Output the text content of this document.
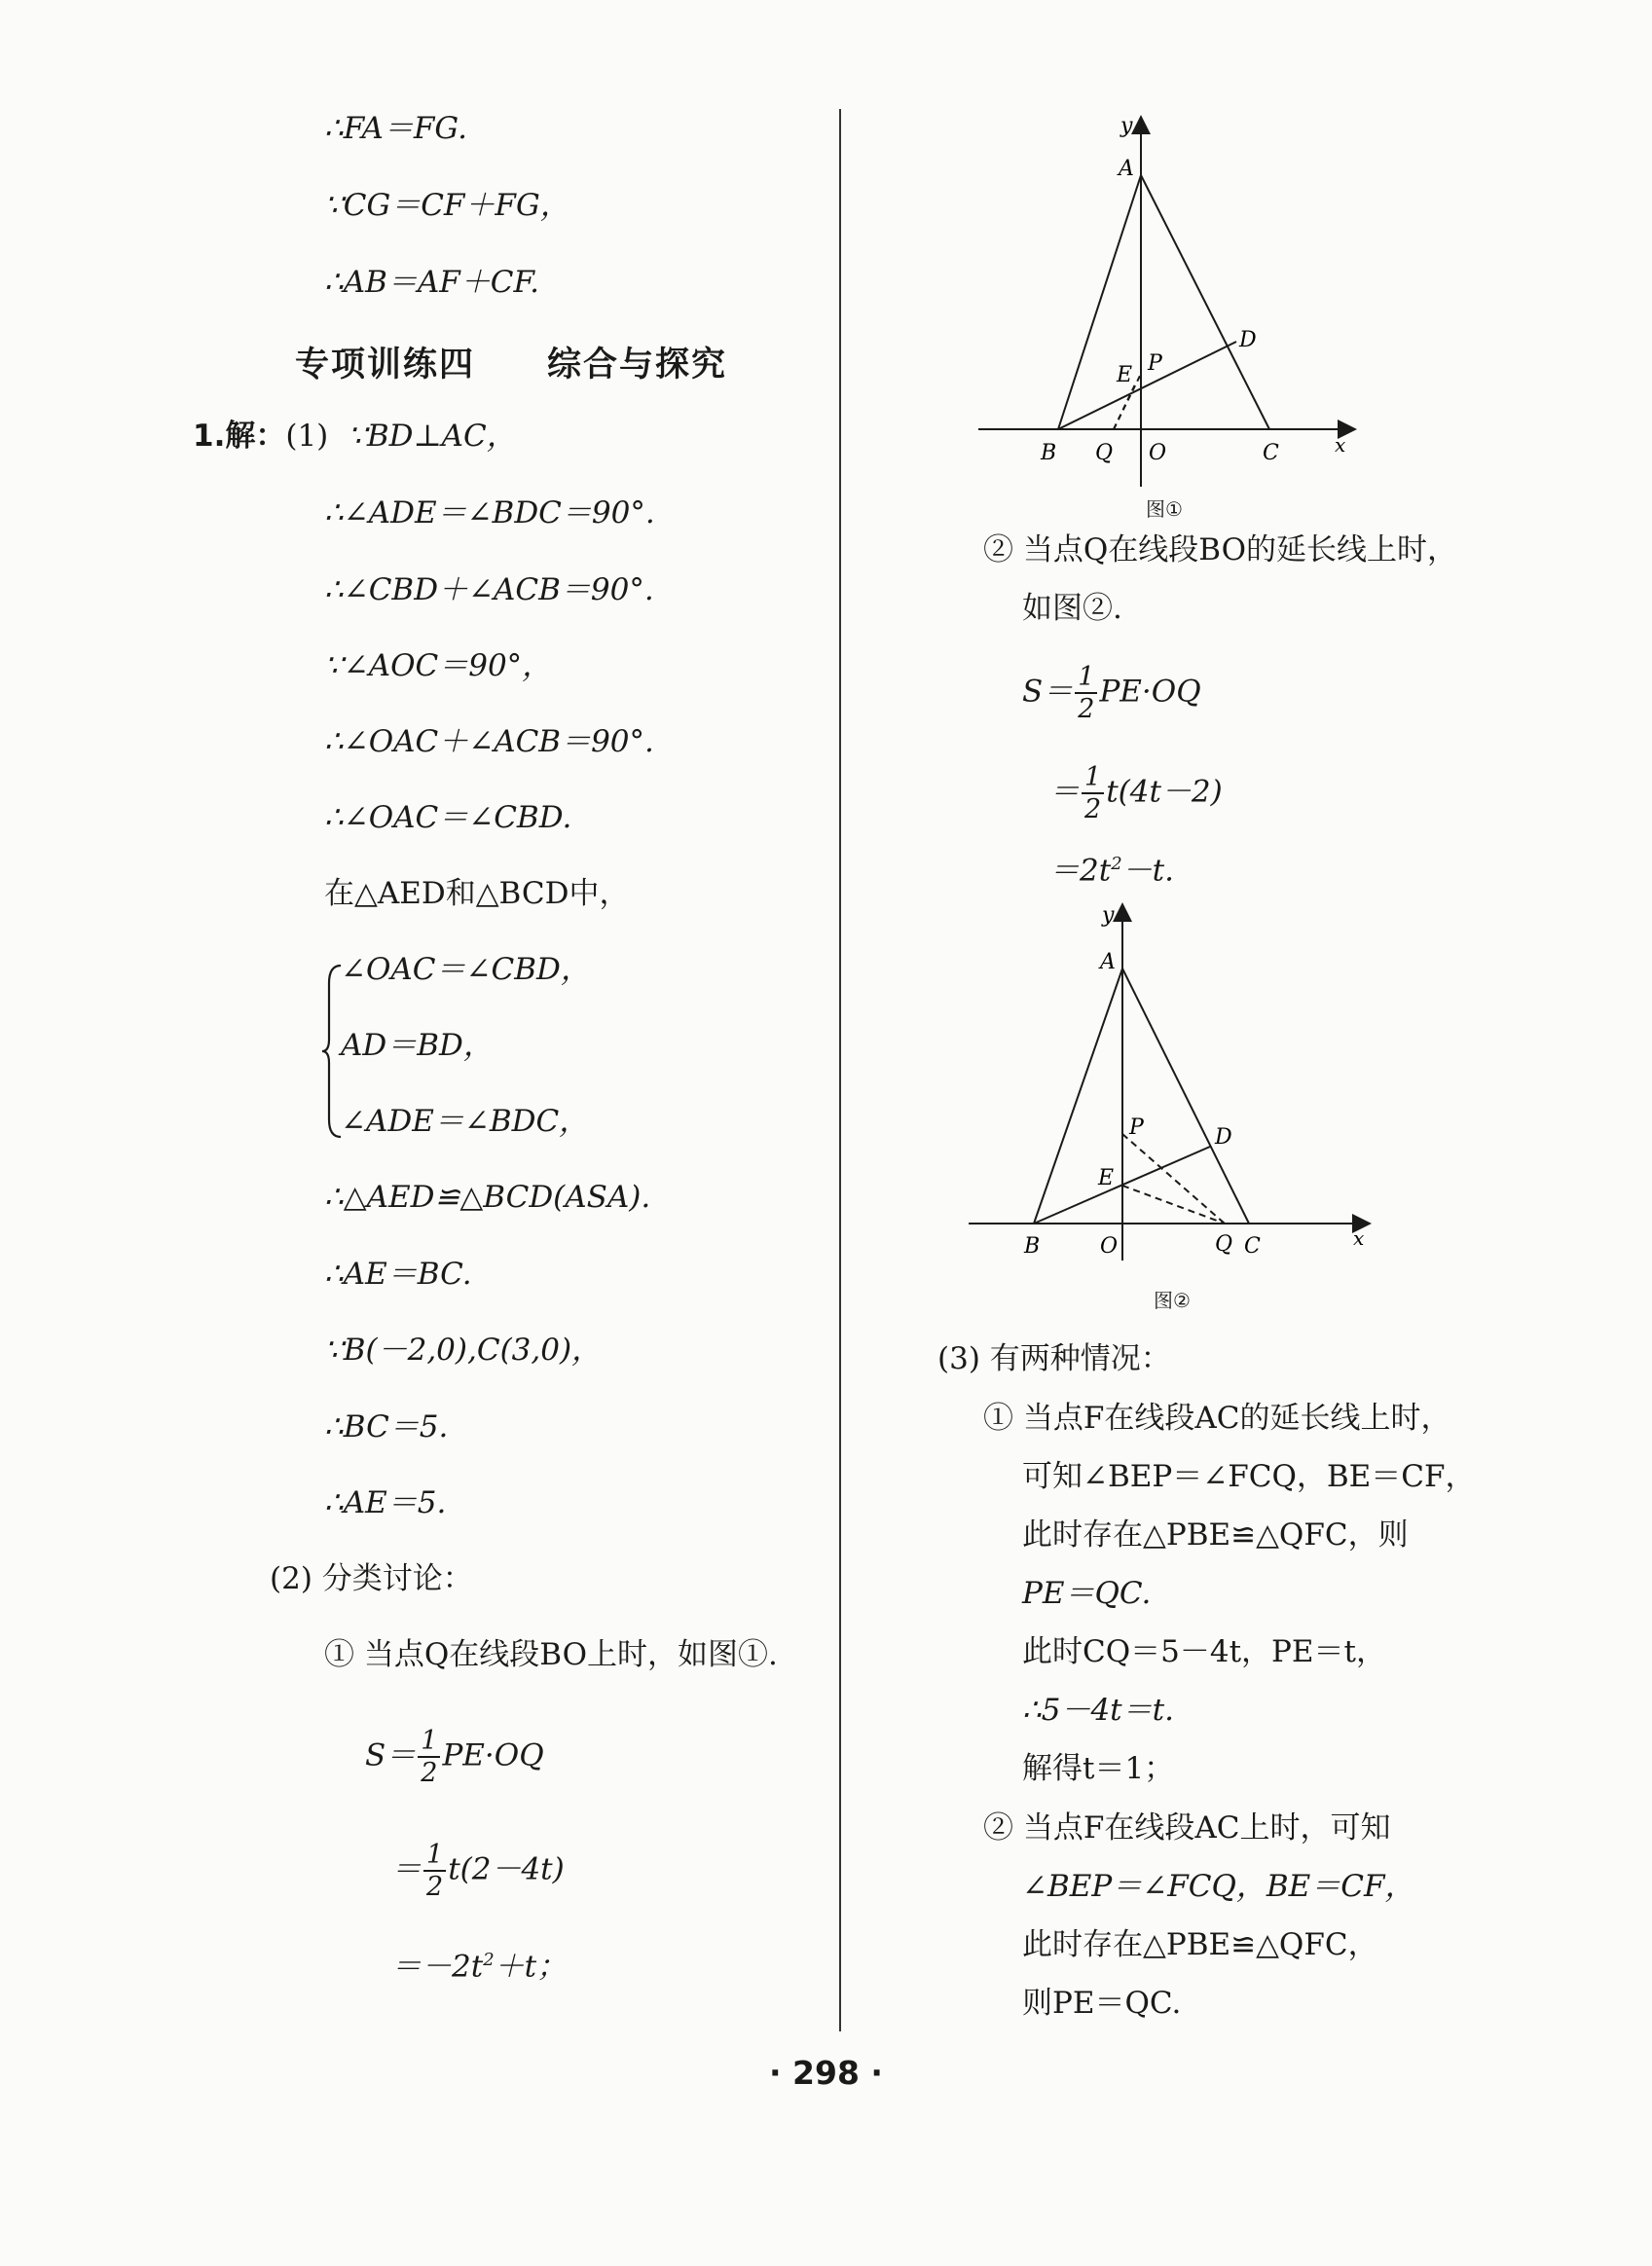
∴FA＝FG.
∵CG＝CF＋FG，
∴AB＝AF＋CF.
专项训练四　　综合与探究
1.解：(1) ∵BD⊥AC，
∴∠ADE＝∠BDC＝90°.
∴∠CBD＋∠ACB＝90°.
∵∠AOC＝90°，
∴∠OAC＋∠ACB＝90°.
∴∠OAC＝∠CBD.
在△AED和△BCD中，
∠OAC＝∠CBD，
AD＝BD，
∠ADE＝∠BDC，
∴△AED≌△BCD(ASA).
∴AE＝BC.
∵B(－2,0),C(3,0)，
∴BC＝5.
∴AE＝5.
(2) 分类讨论：
① 当点Q在线段BO上时，如图①.
$S= \frac{1}{2} PE\cdot OQ$
＝ $\frac{1}{2} t(2-4t)$
$=-2t^2+t$；
y
A
D
P
E
B Q O	C	x
图①
② 当点Q在线段BO的延长线上时，
如图②.
$S= \frac{1}{2} PE\cdot OQ$
＝ $\frac{1}{2} t(4t-2)$
$=2t^2-t$.
y
A
P	D
E
B	O	Q C	x
图②
(3) 有两种情况：
① 当点F在线段AC的延长线上时，
可知∠BEP＝∠FCQ，BE＝CF，
此时存在△PBE≌△QFC，则
PE＝QC.
此时CQ＝5－4t，PE＝t，
∴5－4t＝t.
解得t＝1；
② 当点F在线段AC上时，可知
∠BEP＝∠FCQ，BE＝CF，
此时存在△PBE≌△QFC，
则PE＝QC.
· 298 ·
